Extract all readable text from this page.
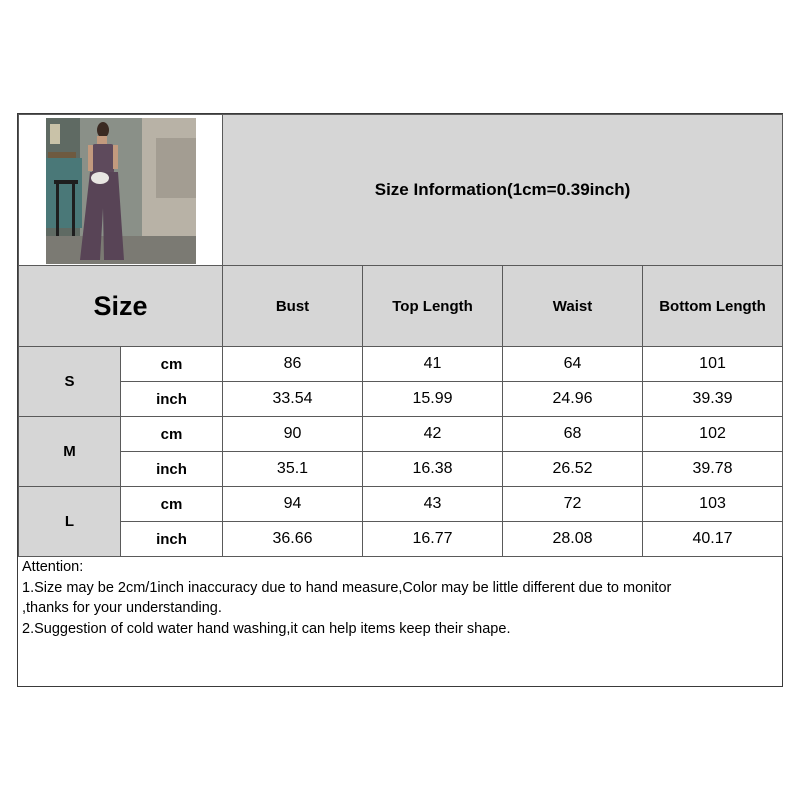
	Size Information(1cm=0.39inch)			
Size		Bust	Top Length	Waist	Bottom Length
S	cm	86	41	64	101
	inch	33.54	15.99	24.96	39.39
M	cm	90	42	68	102
	inch	35.1	16.38	26.52	39.78
L	cm	94	43	72	103
	inch	36.66	16.77	28.08	40.17
Attention:
1.Size may be 2cm/1inch inaccuracy due to hand measure,Color may be little different due to monitor
,thanks for your understanding.
2.Suggestion of cold water hand washing,it can help items keep their shape.
